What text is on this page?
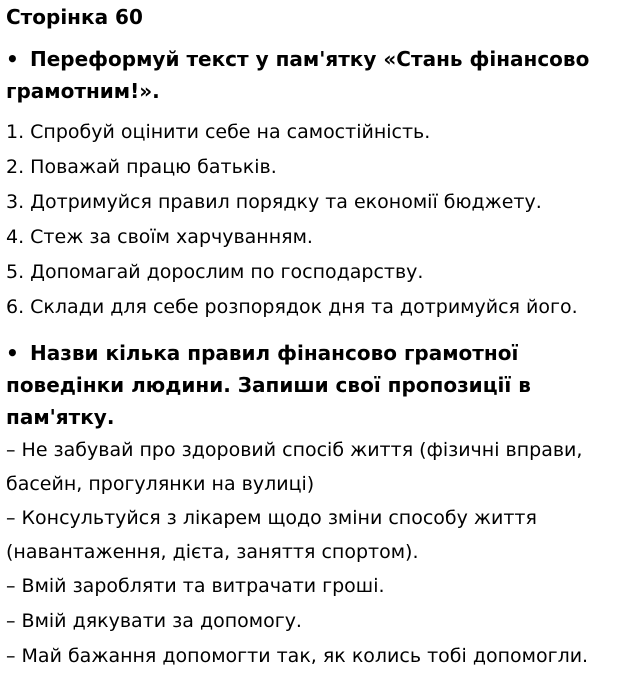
Сторінка 60

• Переформуй текст у пам'ятку «Стань фінансово грамотним!».

1. Спробуй оцінити себе на самостійність.
2. Поважай працю батьків.
3. Дотримуйся правил порядку та економії бюджету.
4. Стеж за своїм харчуванням.
5. Допомагай дорослим по господарству.
6. Склади для себе розпорядок дня та дотримуйся його.

• Назви кілька правил фінансово грамотної поведінки людини. Запиши свої пропозиції в пам'ятку.

– Не забувай про здоровий спосіб життя (фізичні вправи, басейн, прогулянки на вулиці)
– Консультуйся з лікарем щодо зміни способу життя (навантаження, дієта, заняття спортом).
– Вмій заробляти та витрачати гроші.
– Вмій дякувати за допомогу.
– Май бажання допомогти так, як колись тобі допомогли.
